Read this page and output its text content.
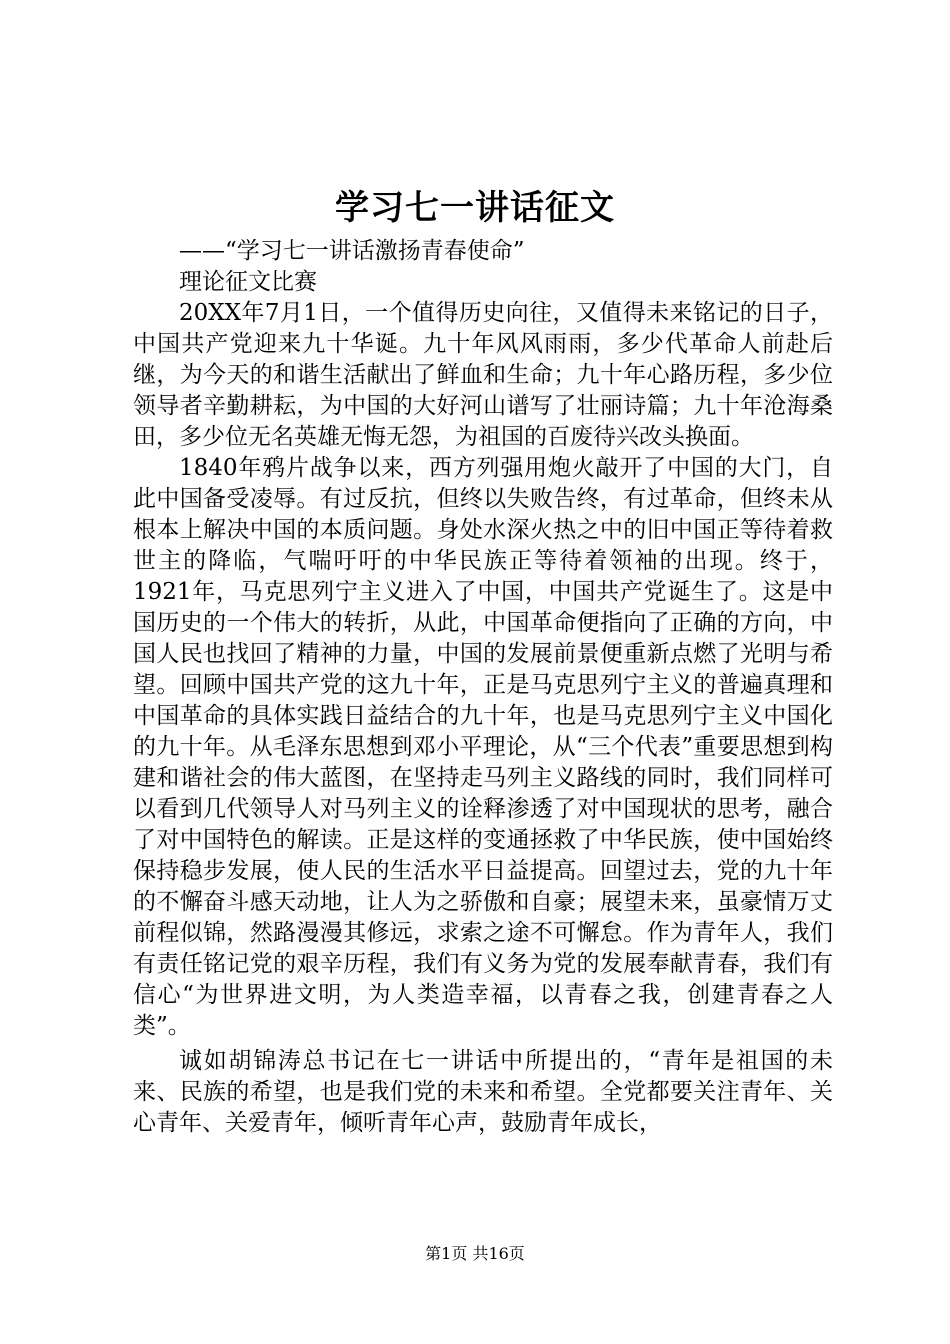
学习七一讲话征文
——“学习七一讲话激扬青春使命”
理论征文比赛

20XX年7月1日，一个值得历史向往，又值得未来铭记的日子，中国共产党迎来九十华诞。九十年风风雨雨，多少代革命人前赴后继，为今天的和谐生活献出了鲜血和生命；九十年心路历程，多少位领导者辛勤耕耘，为中国的大好河山谱写了壮丽诗篇；九十年沧海桑田，多少位无名英雄无悔无怨，为祖国的百废待兴改头换面。

1840年鸦片战争以来，西方列强用炮火敲开了中国的大门，自此中国备受凌辱。有过反抗，但终以失败告终，有过革命，但终未从根本上解决中国的本质问题。身处水深火热之中的旧中国正等待着救世主的降临，气喘吁吁的中华民族正等待着领袖的出现。终于，1921年，马克思列宁主义进入了中国，中国共产党诞生了。这是中国历史的一个伟大的转折，从此，中国革命便指向了正确的方向，中国人民也找回了精神的力量，中国的发展前景便重新点燃了光明与希望。回顾中国共产党的这九十年，正是马克思列宁主义的普遍真理和中国革命的具体实践日益结合的九十年，也是马克思列宁主义中国化的九十年。从毛泽东思想到邓小平理论，从“三个代表”重要思想到构建和谐社会的伟大蓝图，在坚持走马列主义路线的同时，我们同样可以看到几代领导人对马列主义的诠释渗透了对中国现状的思考，融合了对中国特色的解读。正是这样的变通拯救了中华民族，使中国始终保持稳步发展，使人民的生活水平日益提高。回望过去，党的九十年的不懈奋斗感天动地，让人为之骄傲和自豪；展望未来，虽豪情万丈前程似锦，然路漫漫其修远，求索之途不可懈怠。作为青年人，我们有责任铭记党的艰辛历程，我们有义务为党的发展奉献青春，我们有信心“为世界进文明，为人类造幸福，以青春之我，创建青春之人类”。

诚如胡锦涛总书记在七一讲话中所提出的，“青年是祖国的未来、民族的希望，也是我们党的未来和希望。全党都要关注青年、关心青年、关爱青年，倾听青年心声，鼓励青年成长，

第1页 共16页
